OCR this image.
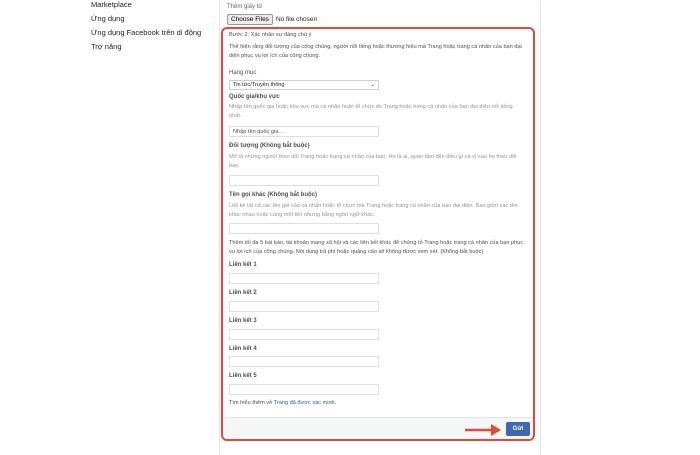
Marketplace
Ứng dụng
Ứng dụng Facebook trên di động
Trợ năng
Thêm giấy tờ
Choose Files	No file chosen
Bước 2: Xác nhận sự đáng chú ý
Thể hiện rằng đối tượng của công chúng, người nổi tiếng hoặc thương hiệu mà Trang hoặc trang cá nhân của bạn đại diện phục vụ lợi ích của công chúng.
Hạng mục
Tin tức/Truyền thông	⌄
Quốc gia/khu vực
Nhập tên quốc gia hoặc khu vực mà cá nhân hoặc tổ chức do Trang hoặc trang cá nhân của bạn đại diện nổi tiếng nhất.
Nhập tên quốc gia...
Đối tượng (Không bắt buộc)
Mô tả những người theo dõi Trang hoặc trang cá nhân của bạn: Họ là ai, quan tâm đến điều gì và vì sao họ theo dõi bạn.
Tên gọi khác (Không bắt buộc)
Liệt kê tất cả các tên gọi của cá nhân hoặc tổ chức mà Trang hoặc trang cá nhân của bạn đại diện. Bao gồm các tên khác nhau hoặc cùng một tên nhưng bằng ngôn ngữ khác.
Thêm tối đa 5 bài báo, tài khoản mạng xã hội và các liên kết khác để chứng tỏ Trang hoặc trang cá nhân của bạn phục vụ lợi ích của công chúng. Nội dung trả phí hoặc quảng cáo sẽ không được xem xét. (Không bắt buộc)
Liên kết 1
Liên kết 2
Liên kết 3
Liên kết 4
Liên kết 5
Tìm hiểu thêm về Trang đã được xác minh.
Gửi
